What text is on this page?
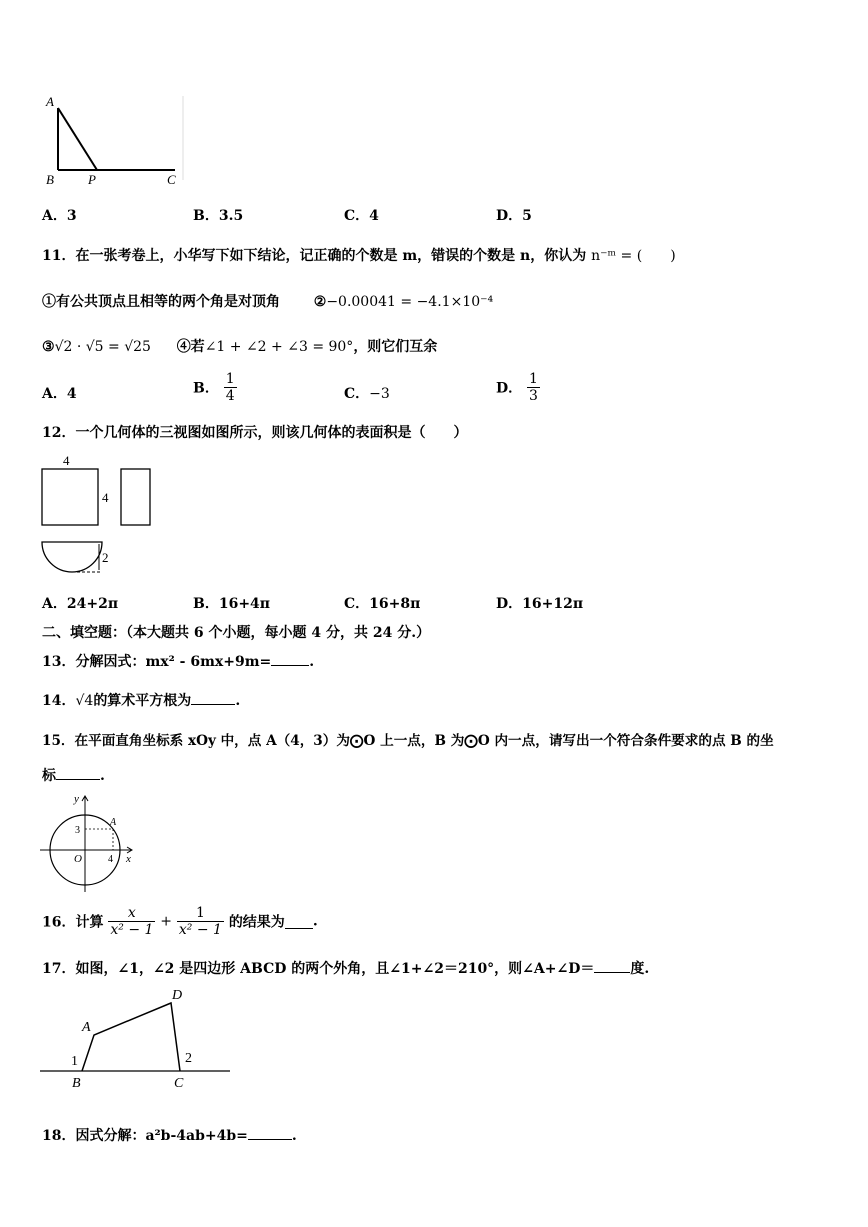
A
B	P	C
A．3	B．3.5	C．4	D．5
11．在一张考卷上，小华写下如下结论，记正确的个数是 m，错误的个数是 n，你认为 n⁻ᵐ = (　　)
①有公共顶点且相等的两个角是对顶角 ②−0.00041 = −4.1×10⁻⁴
③√2 · √5 = √25 ④若∠1 + ∠2 + ∠3 = 90°，则它们互余
A．4	B． $\frac{1}{4}$	C．−3	D． $\frac{1}{3}$
12．一个几何体的三视图如图所示，则该几何体的表面积是（　　）
4
4
2
A．24+2π	B．16+4π	C．16+8π	D．16+12π
二、填空题：（本大题共 6 个小题，每小题 4 分，共 24 分.）
13．分解因式：mx² - 6mx+9m=	.
14．√4的算术平方根为	.
15．在平面直角坐标系 xOy 中，点 A（4，3）为⨀O 上一点，B 为⨀O 内一点，请写出一个符合条件要求的点 B 的坐
标	.
y
x
O
A
3
4
16．计算 $\frac{x}{\text{x² − 1}} + \frac{1}{\text{x² − 1}}$ 的结果为 .
17．如图，∠1，∠2 是四边形 ABCD 的两个外角，且∠1+∠2＝210°，则∠A+∠D＝	度.
A
D
B	C
1	2
18．因式分解：a²b-4ab+4b=	.
